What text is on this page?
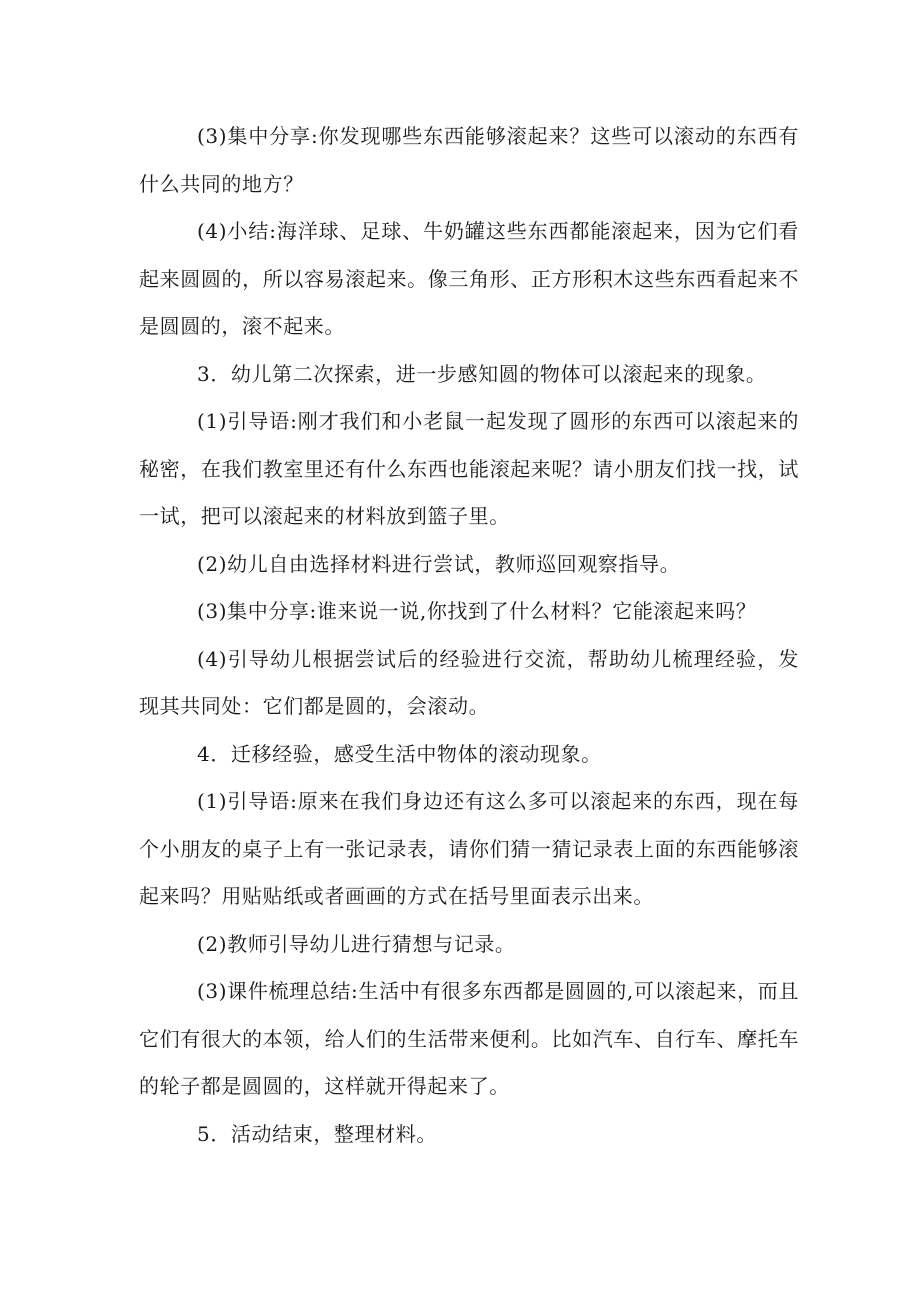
(3)集中分享:你发现哪些东西能够滚起来？这些可以滚动的东西有什么共同的地方？

(4)小结:海洋球、足球、牛奶罐这些东西都能滚起来，因为它们看起来圆圆的，所以容易滚起来。像三角形、正方形积木这些东西看起来不是圆圆的，滚不起来。

3．幼儿第二次探索，进一步感知圆的物体可以滚起来的现象。

(1)引导语:刚才我们和小老鼠一起发现了圆形的东西可以滚起来的秘密，在我们教室里还有什么东西也能滚起来呢？请小朋友们找一找，试一试，把可以滚起来的材料放到篮子里。

(2)幼儿自由选择材料进行尝试，教师巡回观察指导。

(3)集中分享:谁来说一说,你找到了什么材料？它能滚起来吗？

(4)引导幼儿根据尝试后的经验进行交流，帮助幼儿梳理经验，发现其共同处：它们都是圆的，会滚动。

4．迁移经验，感受生活中物体的滚动现象。

(1)引导语:原来在我们身边还有这么多可以滚起来的东西，现在每个小朋友的桌子上有一张记录表，请你们猜一猜记录表上面的东西能够滚起来吗？用贴贴纸或者画画的方式在括号里面表示出来。

(2)教师引导幼儿进行猜想与记录。

(3)课件梳理总结:生活中有很多东西都是圆圆的,可以滚起来，而且它们有很大的本领，给人们的生活带来便利。比如汽车、自行车、摩托车的轮子都是圆圆的，这样就开得起来了。

5．活动结束，整理材料。
